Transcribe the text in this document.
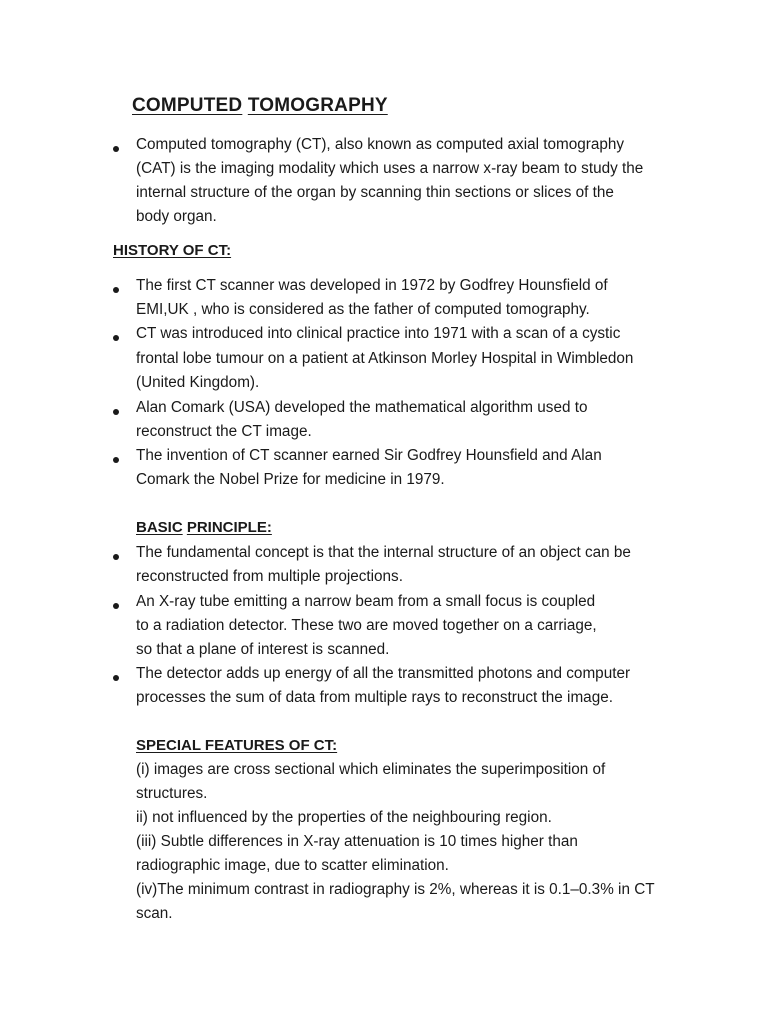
COMPUTED TOMOGRAPHY
Computed tomography (CT), also known as computed axial tomography
(CAT) is the imaging modality which uses a narrow x-ray beam to study the
internal structure of the organ by scanning thin sections or slices of the
body organ.
HISTORY OF CT:
The first CT scanner was developed in 1972 by Godfrey Hounsfield of
EMI,UK , who is considered as the father of computed tomography.
CT was introduced into clinical practice into 1971 with a scan of a cystic
frontal lobe tumour on a patient at Atkinson Morley Hospital in Wimbledon
(United Kingdom).
Alan Comark (USA) developed the mathematical algorithm used to
reconstruct the CT image.
The invention of CT scanner earned Sir Godfrey Hounsfield and Alan
Comark the Nobel Prize for medicine in 1979.
BASIC PRINCIPLE:
The fundamental concept is that the internal structure of an object can be
reconstructed from multiple projections.
An X-ray tube emitting a narrow beam from a small focus is coupled
to a radiation detector. These two are moved together on a carriage,
so that a plane of interest is scanned.
The detector adds up energy of all the transmitted photons and computer
processes the sum of data from multiple rays to reconstruct the image.
SPECIAL FEATURES OF CT:
(i) images are cross sectional which eliminates the superimposition of
structures.
ii) not influenced by the properties of the neighbouring region.
(iii) Subtle differences in X-ray attenuation is 10 times higher than
radiographic image, due to scatter elimination.
(iv)The minimum contrast in radiography is 2%, whereas it is 0.1–0.3% in CT
scan.
